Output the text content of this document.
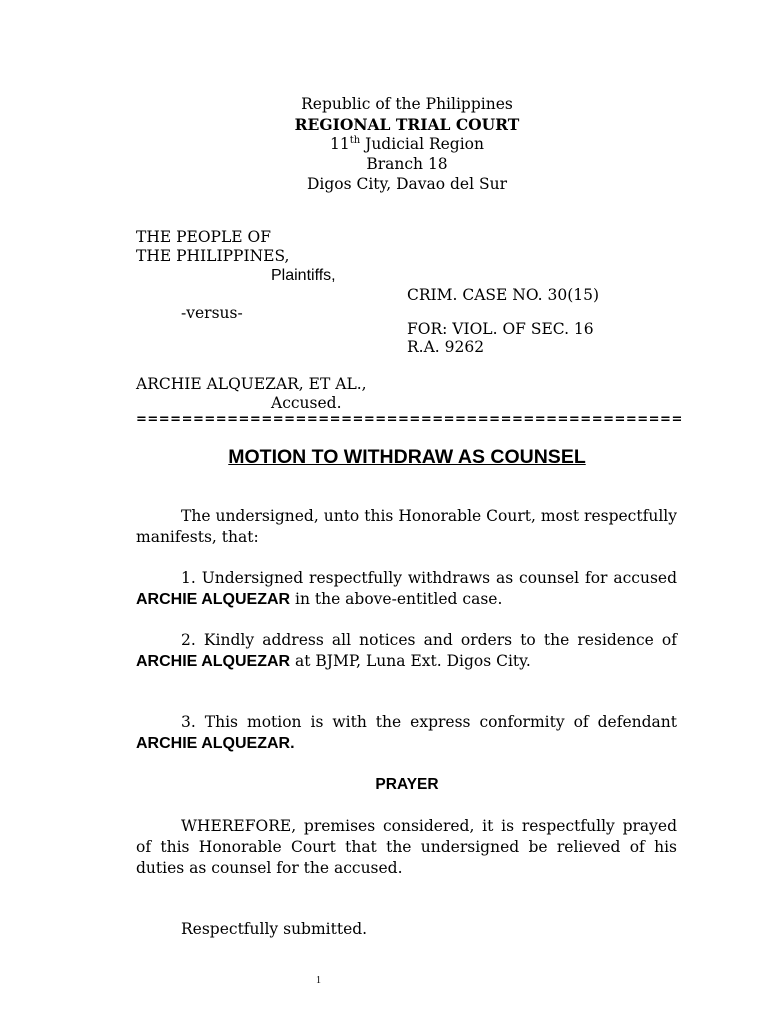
Republic of the Philippines
REGIONAL TRIAL COURT
11th Judicial Region
Branch 18
Digos City, Davao del Sur
THE PEOPLE OF
THE PHILIPPINES,
Plaintiffs,
CRIM. CASE NO. 30(15)
-versus-
FOR: VIOL. OF SEC. 16
R.A. 9262
ARCHIE ALQUEZAR, ET AL.,
Accused.
================================================
MOTION TO WITHDRAW AS COUNSEL
The undersigned, unto this Honorable Court, most respectfully manifests, that:
1. Undersigned respectfully withdraws as counsel for accused ARCHIE ALQUEZAR in the above-entitled case.
2. Kindly address all notices and orders to the residence of ARCHIE ALQUEZAR at BJMP, Luna Ext. Digos City.
3. This motion is with the express conformity of defendant ARCHIE ALQUEZAR.
PRAYER
WHEREFORE, premises considered, it is respectfully prayed of this Honorable Court that the undersigned be relieved of his duties as counsel for the accused.
Respectfully submitted.
1
